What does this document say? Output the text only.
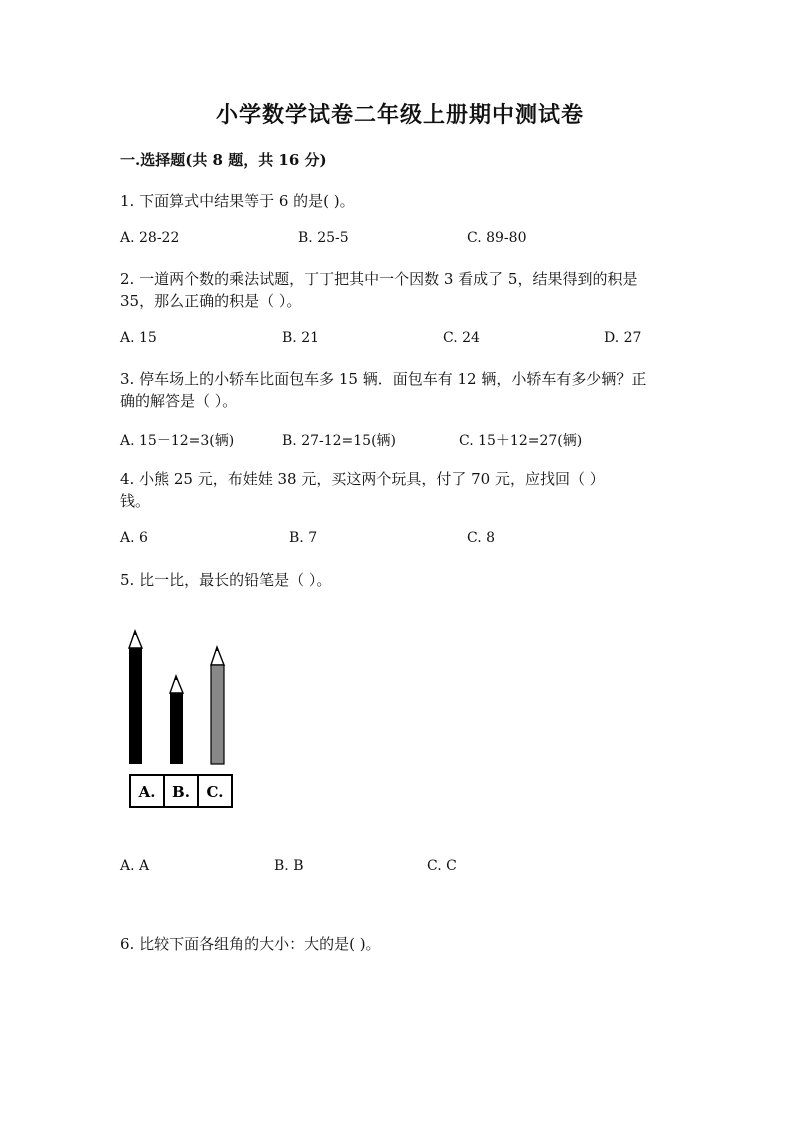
小学数学试卷二年级上册期中测试卷
一.选择题(共 8 题，共 16 分)
1. 下面算式中结果等于 6 的是( )。
A. 28-22	B. 25-5	C. 89-80
2. 一道两个数的乘法试题，丁丁把其中一个因数 3 看成了 5，结果得到的积是
35，那么正确的积是（ ）。
A. 15	B. 21	C. 24	D. 27
3. 停车场上的小轿车比面包车多 15 辆．面包车有 12 辆，小轿车有多少辆？正
确的解答是（ ）。
A. 15－12=3(辆)	B. 27-12=15(辆)	C. 15＋12=27(辆)
4. 小熊 25 元，布娃娃 38 元，买这两个玩具，付了 70 元，应找回（ ）
钱。
A. 6	B. 7	C. 8
5. 比一比，最长的铅笔是（ ）。
A. B. C.
A. A	B. B	C. C
6. 比较下面各组角的大小：大的是( )。
